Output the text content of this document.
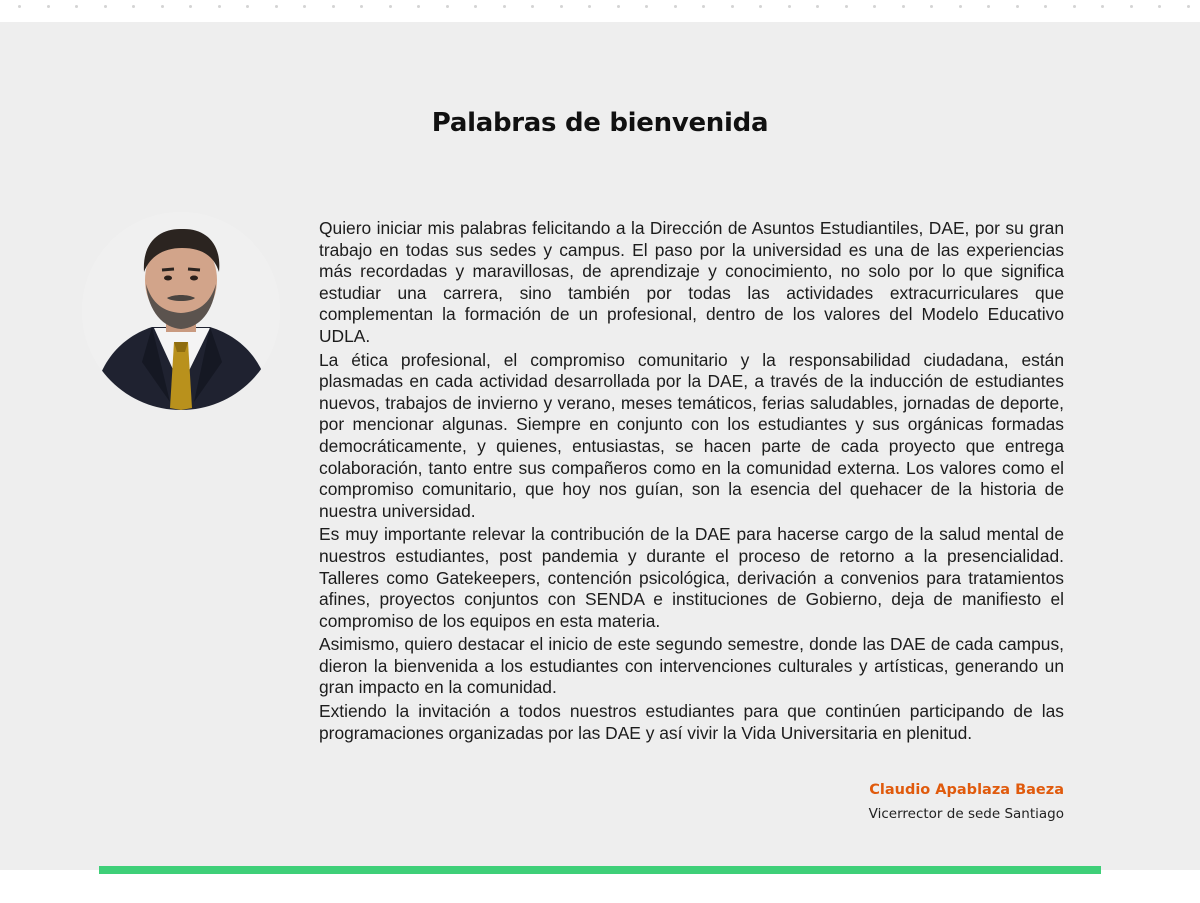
Palabras de bienvenida

Quiero iniciar mis palabras felicitando a la Dirección de Asuntos Estudiantiles, DAE, por su gran trabajo en todas sus sedes y campus. El paso por la universidad es una de las experiencias más recordadas y maravillosas, de aprendizaje y conocimiento, no solo por lo que significa estudiar una carrera, sino también por todas las actividades extracurriculares que complementan la formación de un profesional, dentro de los valores del Modelo Educativo UDLA.

La ética profesional, el compromiso comunitario y la responsabilidad ciudadana, están plasmadas en cada actividad desarrollada por la DAE, a través de la inducción de estudiantes nuevos, trabajos de invierno y verano, meses temáticos, ferias saludables, jornadas de deporte, por mencionar algunas. Siempre en conjunto con los estudiantes y sus orgánicas formadas democráticamente, y quienes, entusiastas, se hacen parte de cada proyecto que entrega colaboración, tanto entre sus compañeros como en la comunidad externa. Los valores como el compromiso comunitario, que hoy nos guían, son la esencia del quehacer de la historia de nuestra universidad.

Es muy importante relevar la contribución de la DAE para hacerse cargo de la salud mental de nuestros estudiantes, post pandemia y durante el proceso de retorno a la presencialidad. Talleres como Gatekeepers, contención psicológica, derivación a convenios para tratamientos afines, proyectos conjuntos con SENDA e instituciones de Gobierno, deja de manifiesto el compromiso de los equipos en esta materia.

Asimismo, quiero destacar el inicio de este segundo semestre, donde las DAE de cada campus, dieron la bienvenida a los estudiantes con intervenciones culturales y artísticas, generando un gran impacto en la comunidad.

Extiendo la invitación a todos nuestros estudiantes para que continúen participando de las programaciones organizadas por las DAE y así vivir la Vida Universitaria en plenitud.

Claudio Apablaza Baeza
Vicerrector de sede Santiago
